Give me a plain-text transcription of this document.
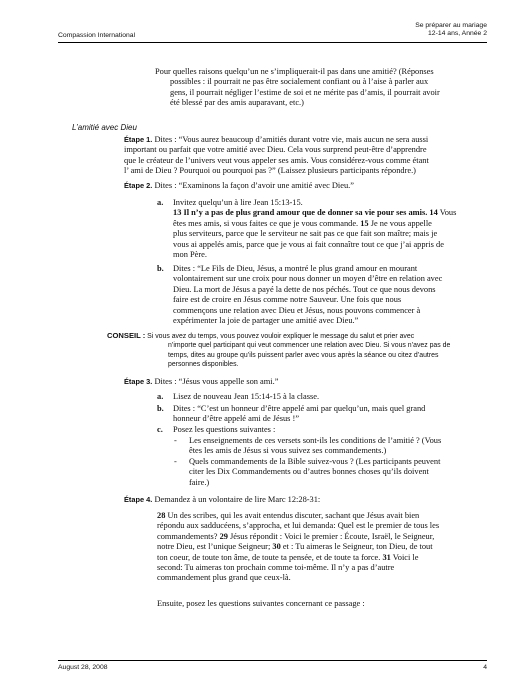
Compassion International
Se préparer au mariage
12-14 ans, Année 2
Pour quelles raisons quelqu’un ne s’impliquerait-il pas dans une amitié? (Réponses
possibles : il pourrait ne pas être socialement confiant ou à l’aise à parler aux
gens, il pourrait négliger l’estime de soi et ne mérite pas d’amis, il pourrait avoir
été blessé par des amis auparavant, etc.)
L’amitié avec Dieu
Étape 1. Dites : “Vous aurez beaucoup d’amitiés durant votre vie, mais aucun ne sera aussi
important ou parfait que votre amitié avec Dieu. Cela vous surprend peut-être d’apprendre
que le créateur de l’univers veut vous appeler ses amis. Vous considérez-vous comme étant
l’ ami de Dieu ? Pourquoi ou pourquoi pas ?” (Laissez plusieurs participants répondre.)
Étape 2. Dites : “Examinons la façon d’avoir une amitié avec Dieu.”
a. Invitez quelqu’un à lire Jean 15:13-15.
13 Il n’y a pas de plus grand amour que de donner sa vie pour ses amis. 14 Vous
êtes mes amis, si vous faites ce que je vous commande. 15 Je ne vous appelle
plus serviteurs, parce que le serviteur ne sait pas ce que fait son maître; mais je
vous ai appelés amis, parce que je vous ai fait connaître tout ce que j’ai appris de
mon Père.
b. Dites : “Le Fils de Dieu, Jésus, a montré le plus grand amour en mourant
volontairement sur une croix pour nous donner un moyen d’être en relation avec
Dieu. La mort de Jésus a payé la dette de nos péchés. Tout ce que nous devons
faire est de croire en Jésus comme notre Sauveur. Une fois que nous
commençons une relation avec Dieu et Jésus, nous pouvons commencer à
expérimenter la joie de partager une amitié avec Dieu.”
CONSEIL : Si vous avez du temps, vous pouvez vouloir expliquer le message du salut et prier avec
n’importe quel participant qui veut commencer une relation avec Dieu. Si vous n’avez pas de
temps, dites au groupe qu’ils puissent parler avec vous après la séance ou citez d’autres
personnes disponibles.
Étape 3. Dites : “Jésus vous appelle son ami.”
a. Lisez de nouveau Jean 15:14-15 à la classe.
b. Dites : “C’est un honneur d’être appelé ami par quelqu’un, mais quel grand
honneur d’être appelé ami de Jésus !”
c. Posez les questions suivantes :
- Les enseignements de ces versets sont-ils les conditions de l’amitié ? (Vous
êtes les amis de Jésus si vous suivez ses commandements.)
- Quels commandements de la Bible suivez-vous ? (Les participants peuvent
citer les Dix Commandements ou d’autres bonnes choses qu’ils doivent
faire.)
Étape 4. Demandez à un volontaire de lire Marc 12:28-31:
28 Un des scribes, qui les avait entendus discuter, sachant que Jésus avait bien
répondu aux sadducéens, s’approcha, et lui demanda: Quel est le premier de tous les
commandements? 29 Jésus répondit : Voici le premier : Écoute, Israël, le Seigneur,
notre Dieu, est l’unique Seigneur; 30 et : Tu aimeras le Seigneur, ton Dieu, de tout
ton coeur, de toute ton âme, de toute ta pensée, et de toute ta force. 31 Voici le
second: Tu aimeras ton prochain comme toi-même. Il n’y a pas d’autre
commandement plus grand que ceux-là.
Ensuite, posez les questions suivantes concernant ce passage :
August 28, 2008	4
